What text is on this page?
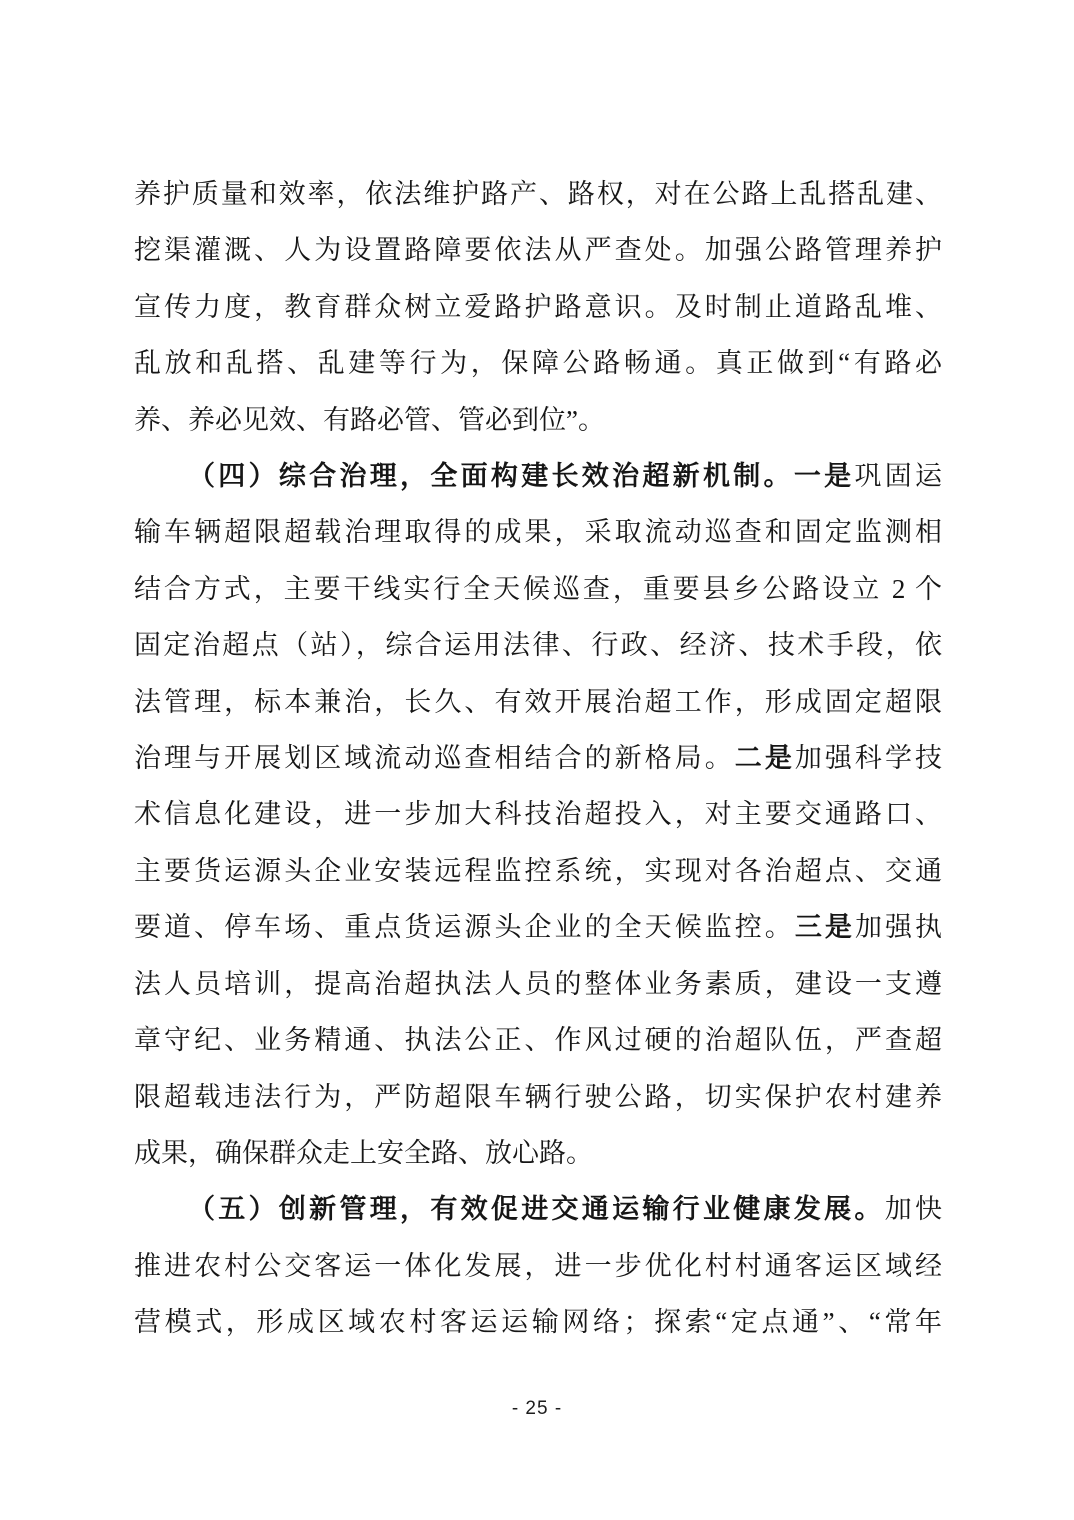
养护质量和效率，依法维护路产、路权，对在公路上乱搭乱建、
挖渠灌溉、人为设置路障要依法从严查处。加强公路管理养护
宣传力度，教育群众树立爱路护路意识。及时制止道路乱堆、
乱放和乱搭、乱建等行为，保障公路畅通。真正做到“有路必
养、养必见效、有路必管、管必到位”。
（四）综合治理，全面构建长效治超新机制。一是巩固运
输车辆超限超载治理取得的成果，采取流动巡查和固定监测相
结合方式，主要干线实行全天候巡查，重要县乡公路设立 2 个
固定治超点（站），综合运用法律、行政、经济、技术手段，依
法管理，标本兼治，长久、有效开展治超工作，形成固定超限
治理与开展划区域流动巡查相结合的新格局。二是加强科学技
术信息化建设，进一步加大科技治超投入，对主要交通路口、
主要货运源头企业安装远程监控系统，实现对各治超点、交通
要道、停车场、重点货运源头企业的全天候监控。三是加强执
法人员培训，提高治超执法人员的整体业务素质，建设一支遵
章守纪、业务精通、执法公正、作风过硬的治超队伍，严查超
限超载违法行为，严防超限车辆行驶公路，切实保护农村建养
成果，确保群众走上安全路、放心路。
（五）创新管理，有效促进交通运输行业健康发展。加快
推进农村公交客运一体化发展，进一步优化村村通客运区域经
营模式，形成区域农村客运运输网络；探索“定点通”、“常年
- 25 -
